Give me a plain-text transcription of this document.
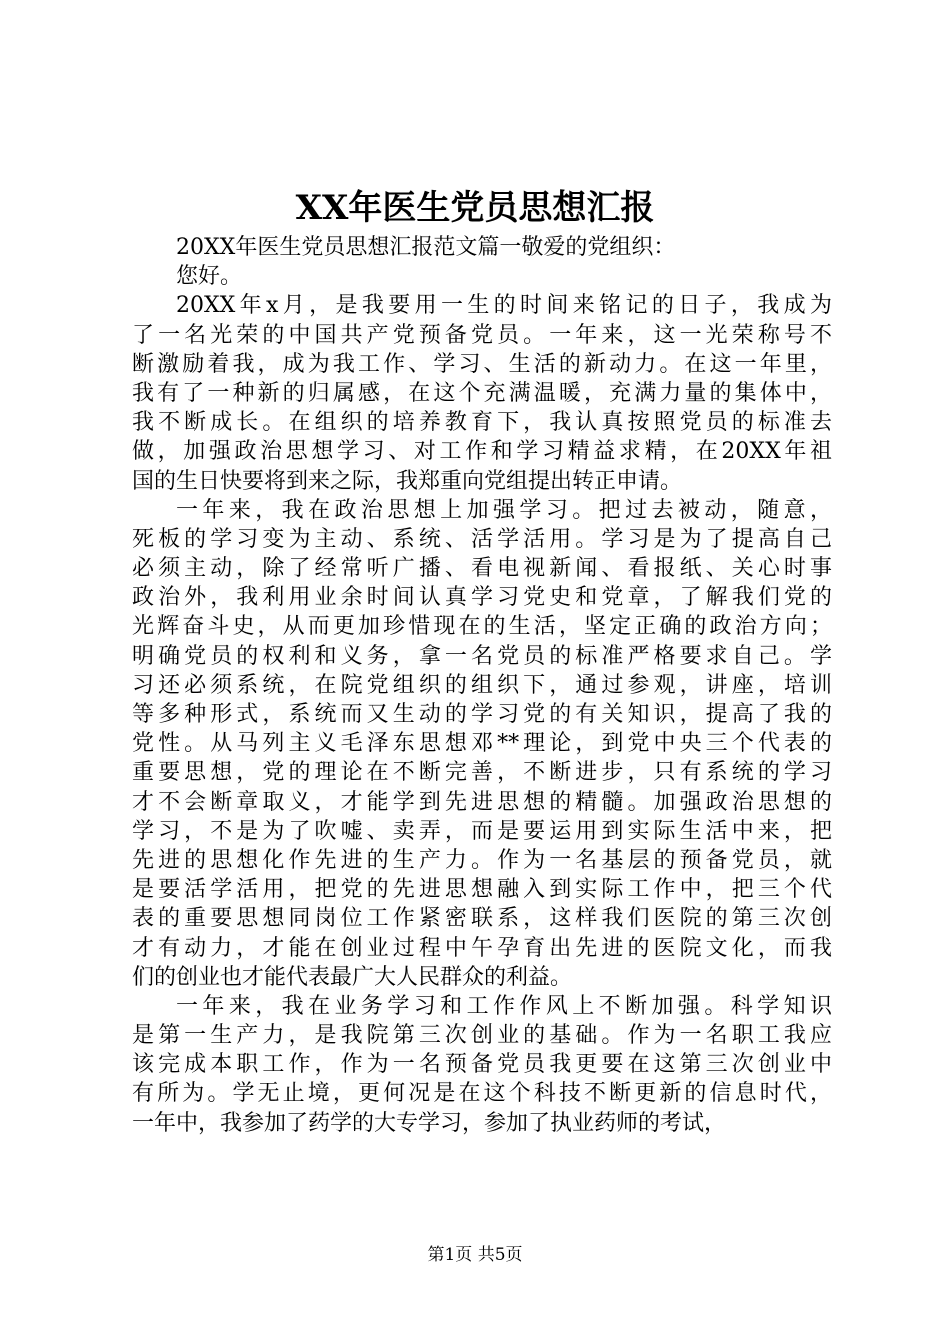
XX年医生党员思想汇报
20XX年医生党员思想汇报范文篇一敬爱的党组织：
您好。
20XX年x月，是我要用一生的时间来铭记的日子，我成为
了一名光荣的中国共产党预备党员。一年来，这一光荣称号不
断激励着我，成为我工作、学习、生活的新动力。在这一年里，
我有了一种新的归属感，在这个充满温暖，充满力量的集体中，
我不断成长。在组织的培养教育下，我认真按照党员的标准去
做，加强政治思想学习、对工作和学习精益求精，在20XX年祖
国的生日快要将到来之际，我郑重向党组提出转正申请。
一年来，我在政治思想上加强学习。把过去被动，随意，
死板的学习变为主动、系统、活学活用。学习是为了提高自己
必须主动，除了经常听广播、看电视新闻、看报纸、关心时事
政治外，我利用业余时间认真学习党史和党章，了解我们党的
光辉奋斗史，从而更加珍惜现在的生活，坚定正确的政治方向；
明确党员的权利和义务，拿一名党员的标准严格要求自己。学
习还必须系统，在院党组织的组织下，通过参观，讲座，培训
等多种形式，系统而又生动的学习党的有关知识，提高了我的
党性。从马列主义毛泽东思想邓**理论，到党中央三个代表的
重要思想，党的理论在不断完善，不断进步，只有系统的学习
才不会断章取义，才能学到先进思想的精髓。加强政治思想的
学习，不是为了吹嘘、卖弄，而是要运用到实际生活中来，把
先进的思想化作先进的生产力。作为一名基层的预备党员，就
是要活学活用，把党的先进思想融入到实际工作中，把三个代
表的重要思想同岗位工作紧密联系，这样我们医院的第三次创
才有动力，才能在创业过程中午孕育出先进的医院文化，而我
们的创业也才能代表最广大人民群众的利益。
一年来，我在业务学习和工作作风上不断加强。科学知识
是第一生产力，是我院第三次创业的基础。作为一名职工我应
该完成本职工作，作为一名预备党员我更要在这第三次创业中
有所为。学无止境，更何况是在这个科技不断更新的信息时代，
一年中，我参加了药学的大专学习，参加了执业药师的考试，
第1页 共5页
